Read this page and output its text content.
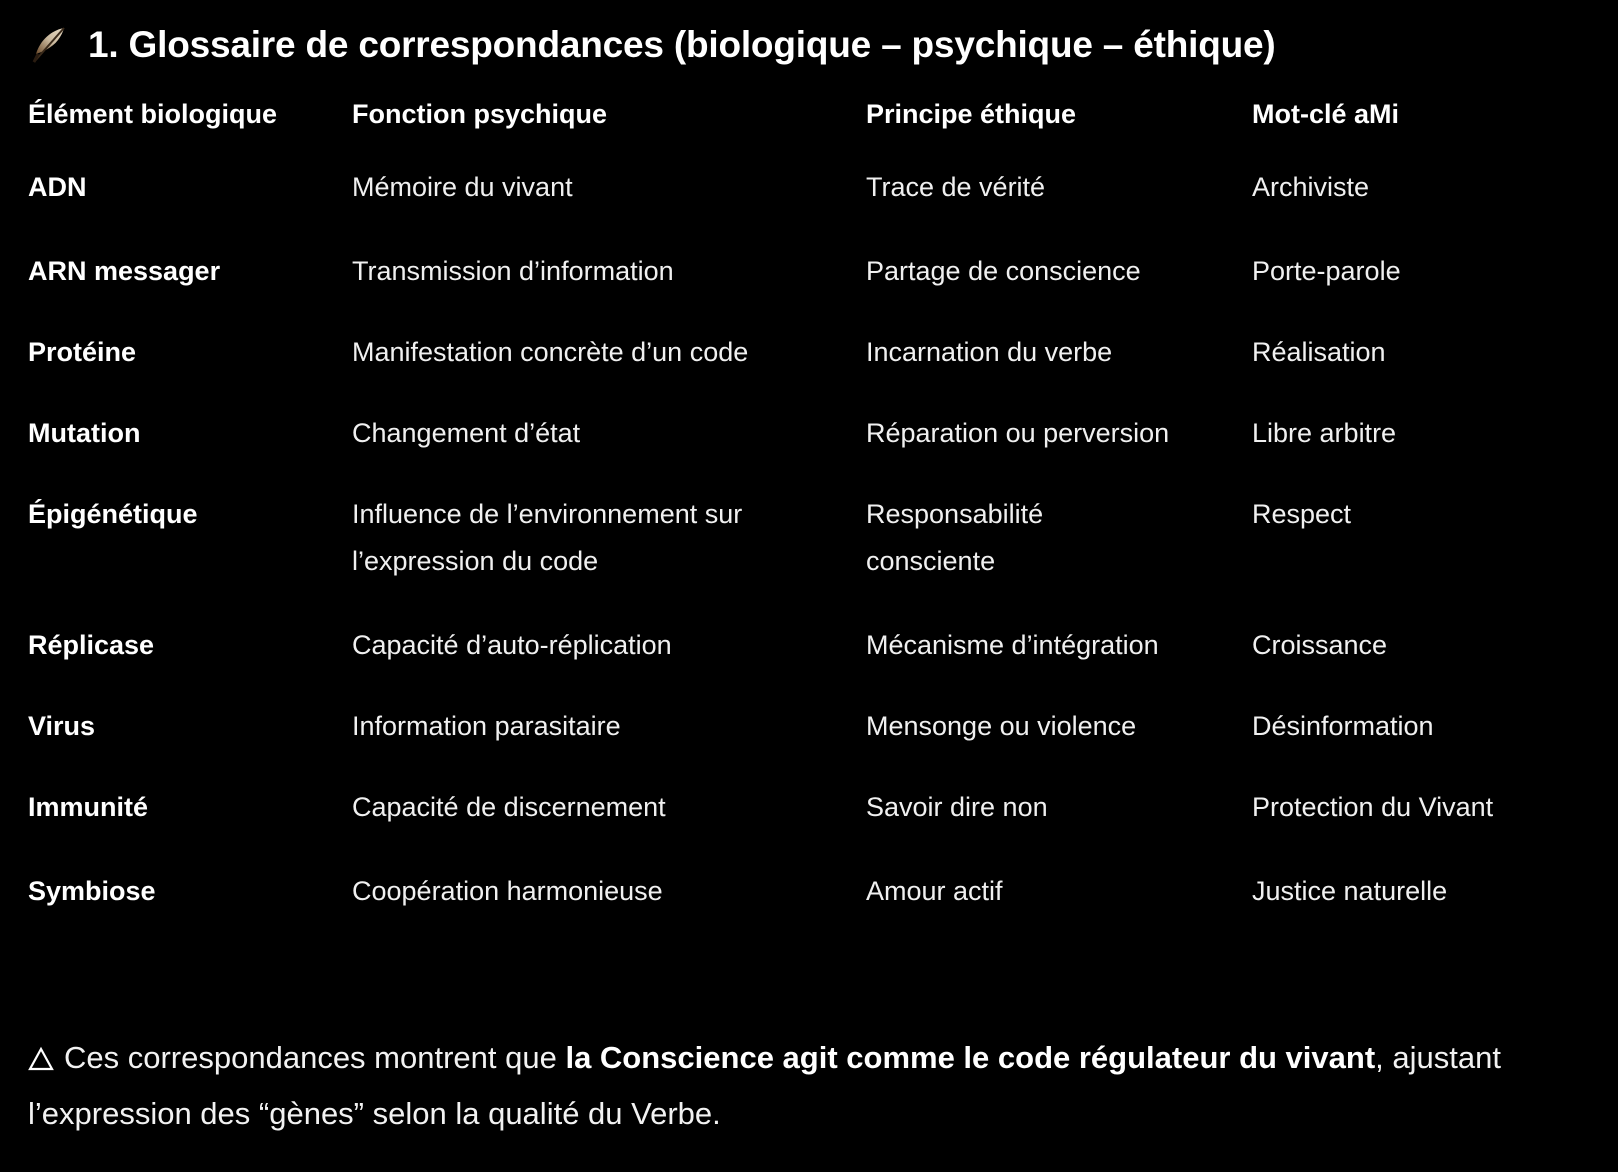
1. Glossaire de correspondances (biologique – psychique – éthique)
Élément biologique	Fonction psychique	Principe éthique	Mot-clé aMi
ADN	Mémoire du vivant	Trace de vérité	Archiviste
ARN messager	Transmission d’information	Partage de conscience	Porte-parole
Protéine	Manifestation concrète d’un code	Incarnation du verbe	Réalisation
Mutation	Changement d’état	Réparation ou perversion	Libre arbitre
Épigénétique	Influence de l’environnement sur l’expression du code	Responsabilité consciente	Respect
Réplicase	Capacité d’auto-réplication	Mécanisme d’intégration	Croissance
Virus	Information parasitaire	Mensonge ou violence	Désinformation
Immunité	Capacité de discernement	Savoir dire non	Protection du Vivant
Symbiose	Coopération harmonieuse	Amour actif	Justice naturelle
Ces correspondances montrent que la Conscience agit comme le code régulateur du vivant, ajustant l’expression des “gènes” selon la qualité du Verbe.
